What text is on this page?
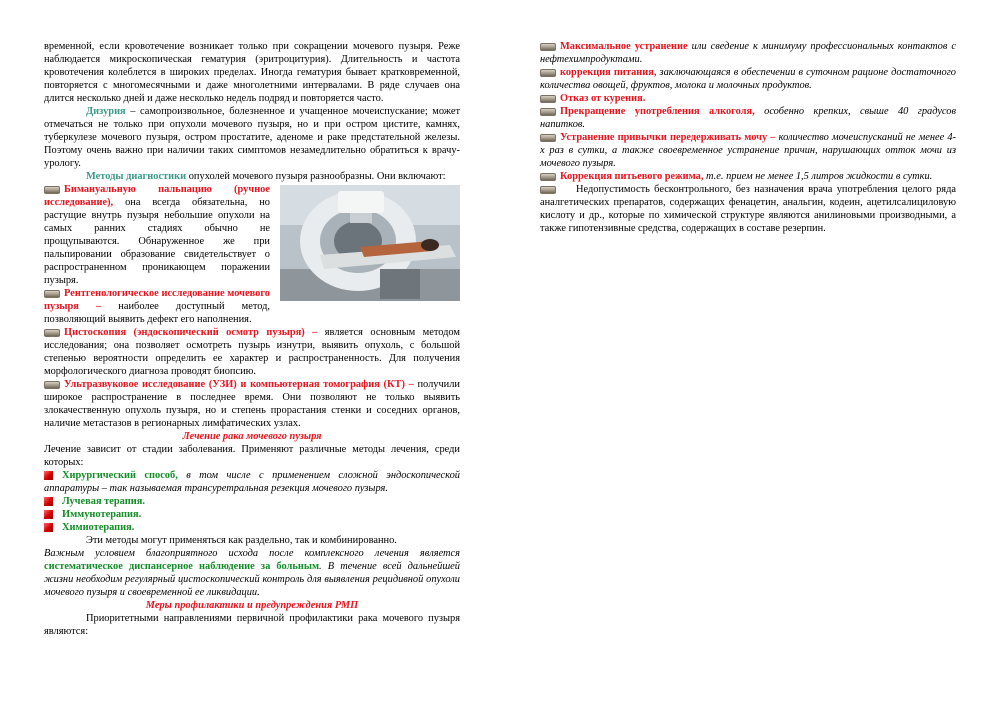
временной, если кровотечение возникает только при сокращении мочевого пузыря. Реже наблюдается микроскопическая гематурия (эритроцитурия). Длительность и частота кровотечения колеблется в широких пределах. Иногда гематурия бывает кратковременной, повторяется с многомесячными и даже многолетними интервалами. В ряде случаев она длится несколько дней и даже несколько недель подряд и повторяется часто.

Дизурия – самопроизвольное, болезненное и учащенное мочеиспускание; может отмечаться не только при опухоли мочевого пузыря, но и при остром цистите, камнях, туберкулезе мочевого пузыря, остром простатите, аденоме и раке предстательной железы. Поэтому очень важно при наличии таких симптомов незамедлительно обратиться к врачу-урологу.

Методы диагностики опухолей мочевого пузыря разнообразны. Они включают:

Бимануальную пальпацию (ручное исследование), она всегда обязательна, но растущие внутрь пузыря небольшие опухоли на самых ранних стадиях обычно не прощупываются. Обнаруженное же при пальпировании образование свидетельствует о распространенном проникающем поражении пузыря.

Рентгенологическое исследование мочевого пузыря – наиболее доступный метод, позволяющий выявить дефект его наполнения.

Цистоскопия (эндоскопический осмотр пузыря) – является основным методом исследования; она позволяет осмотреть пузырь изнутри, выявить опухоль, с большой степенью вероятности определить ее характер и распространенность. Для получения морфологического диагноза проводят биопсию.

Ультразвуковое исследование (УЗИ) и компьютерная томография (КТ) – получили широкое распространение в последнее время. Они позволяют не только выявить злокачественную опухоль пузыря, но и степень прорастания стенки и соседних органов, наличие метастазов в регионарных лимфатических узлах.

Лечение рака мочевого пузыря

Лечение зависит от стадии заболевания. Применяют различные методы лечения, среди которых:

Хирургический способ, в том числе с применением сложной эндоскопической аппаратуры – так называемая трансуретральная резекция мочевого пузыря.

Лучевая терапия.

Иммунотерапия.

Химиотерапия.

Эти методы могут применяться как раздельно, так и комбинированно.

Важным условием благоприятного исхода после комплексного лечения является систематическое диспансерное наблюдение за больным. В течение всей дальнейшей жизни необходим регулярный цистоскопический контроль для выявления рецидивной опухоли мочевого пузыря и своевременной ее ликвидации.

Меры профилактики и предупреждения РМП

Приоритетными направлениями первичной профилактики рака мочевого пузыря являются:

Максимальное устранение или сведение к минимуму профессиональных контактов с нефтехимпродуктами.

коррекция питания, заключающаяся в обеспечении в суточном рационе достаточного количества овощей, фруктов, молока и молочных продуктов.

Отказ от курения.

Прекращение употребления алкоголя, особенно крепких, свыше 40 градусов напитков.

Устранение привычки передерживать мочу – количество мочеиспусканий не менее 4-х раз в сутки, а также своевременное устранение причин, нарушающих отток мочи из мочевого пузыря.

Коррекция питьевого режима, т.е. прием не менее 1,5 литров жидкости в сутки.

Недопустимость бесконтрольного, без назначения врача употребления целого ряда аналгетических препаратов, содержащих фенацетин, анальгин, кодеин, ацетилсалициловую кислоту и др., которые по химической структуре являются анилиновыми производными, а также гипотензивные средства, содержащих в составе резерпин.
